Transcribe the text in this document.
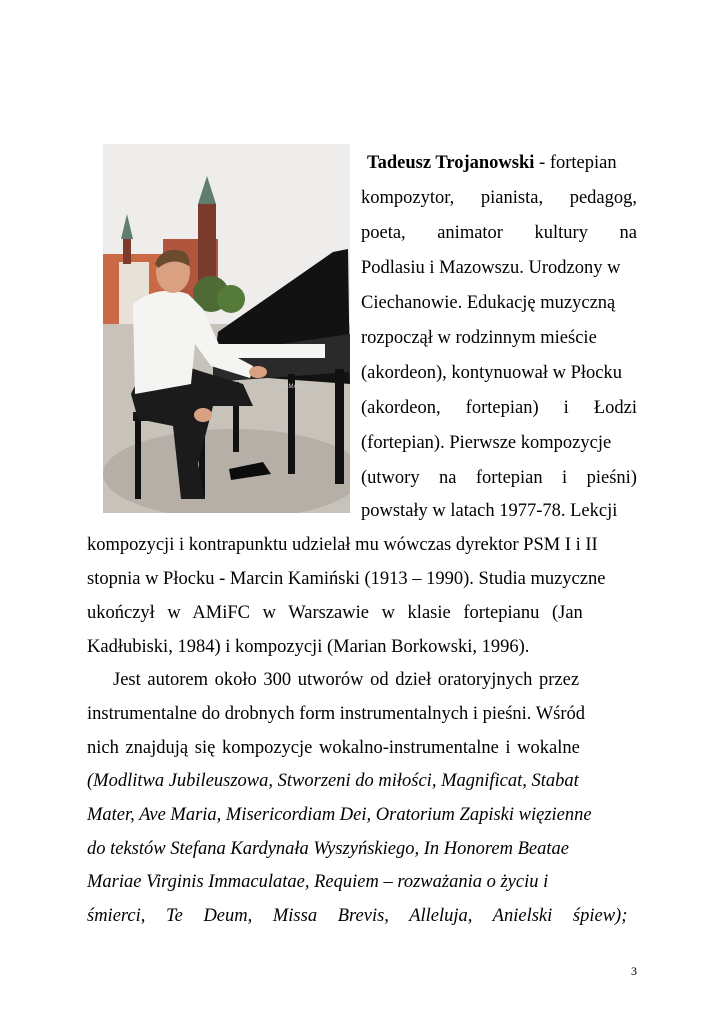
YAMAHA
Tadeusz Trojanowski - fortepian
kompozytor, pianista, pedagog,
poeta, animator kultury na
Podlasiu i Mazowszu. Urodzony w
Ciechanowie. Edukację muzyczną
rozpoczął w rodzinnym mieście
(akordeon), kontynuował w Płocku
(akordeon, fortepian) i Łodzi
(fortepian). Pierwsze kompozycje
(utwory na fortepian i pieśni)
powstały w latach 1977-78. Lekcji
kompozycji i kontrapunktu udzielał mu wówczas dyrektor PSM I i II
stopnia w Płocku - Marcin Kamiński (1913 – 1990). Studia muzyczne
ukończył w AMiFC w Warszawie w klasie fortepianu (Jan
Kadłubiski, 1984) i kompozycji (Marian Borkowski, 1996).
Jest autorem około 300 utworów od dzieł oratoryjnych przez
instrumentalne do drobnych form instrumentalnych i pieśni. Wśród
nich znajdują się kompozycje wokalno-instrumentalne i wokalne
(Modlitwa Jubileuszowa, Stworzeni do miłości, Magnificat, Stabat
Mater, Ave Maria, Misericordiam Dei, Oratorium Zapiski więzienne
do tekstów Stefana Kardynała Wyszyńskiego, In Honorem Beatae
Mariae Virginis Immaculatae, Requiem – rozważania o życiu i
śmierci, Te Deum, Missa Brevis, Alleluja, Anielski śpiew);
3
